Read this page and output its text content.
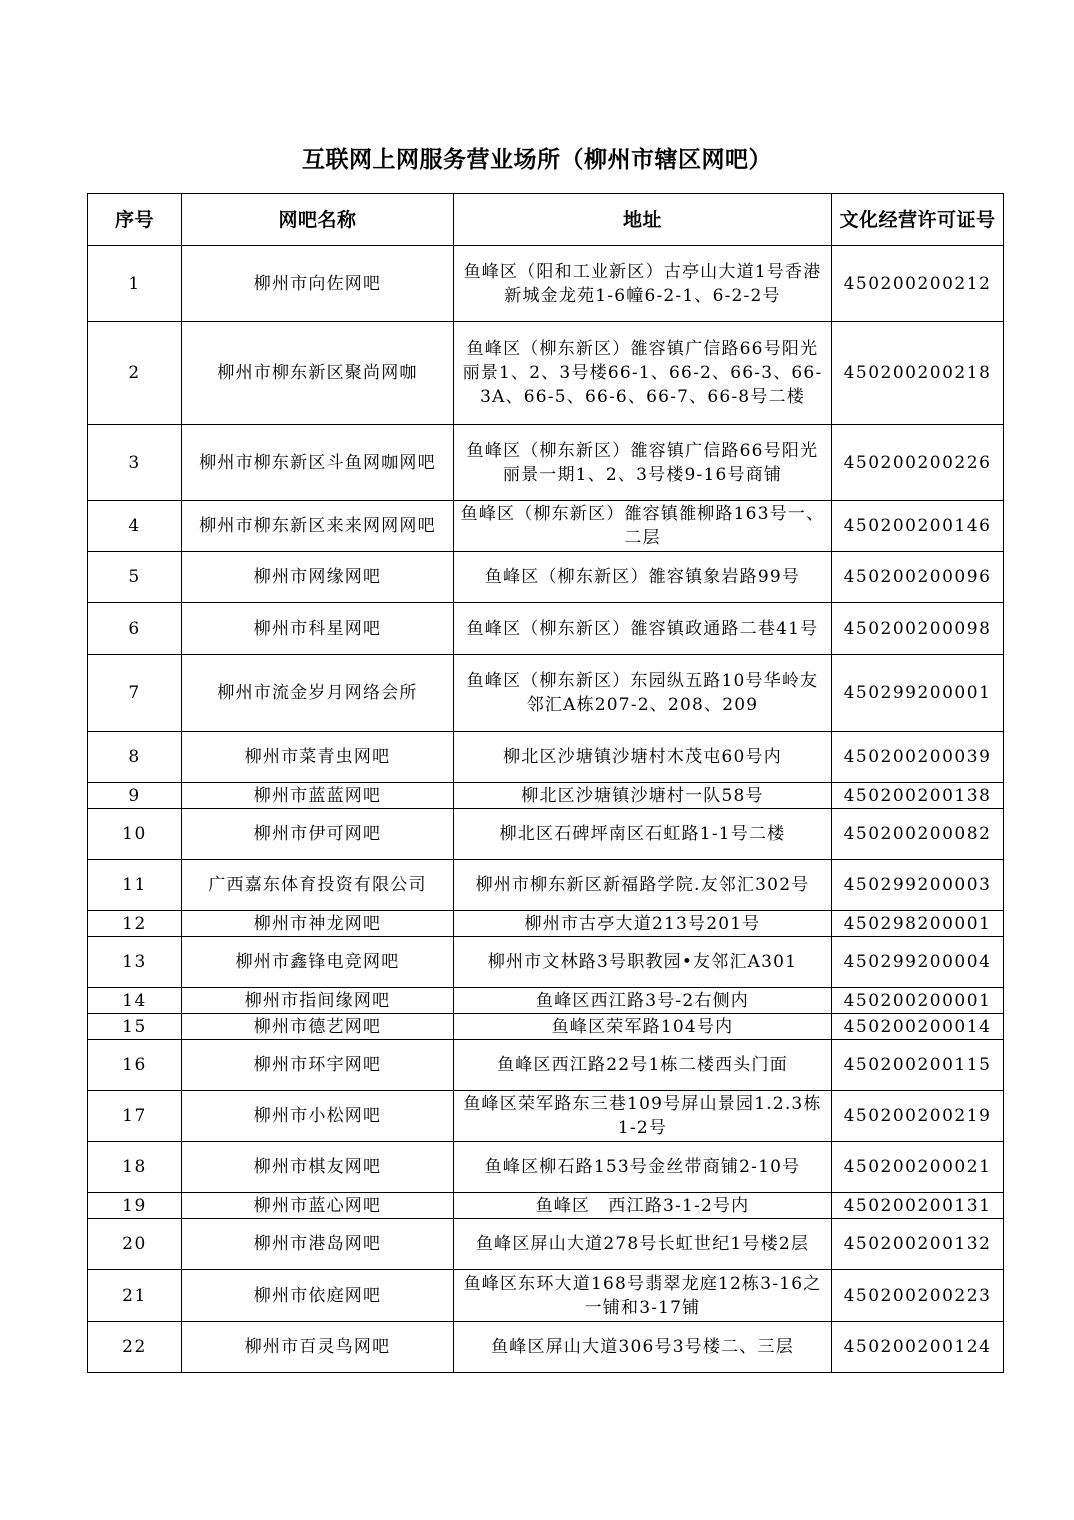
互联网上网服务营业场所（柳州市辖区网吧）
序号	网吧名称	地址	文化经营许可证号
1	柳州市向佐网吧	鱼峰区（阳和工业新区）古亭山大道1号香港新城金龙苑1-6幢6-2-1、6-2-2号	450200200212
2	柳州市柳东新区聚尚网咖	鱼峰区（柳东新区）雒容镇广信路66号阳光丽景1、2、3号楼66-1、66-2、66-3、66-3A、66-5、66-6、66-7、66-8号二楼	450200200218
3	柳州市柳东新区斗鱼网咖网吧	鱼峰区（柳东新区）雒容镇广信路66号阳光丽景一期1、2、3号楼9-16号商铺	450200200226
4	柳州市柳东新区来来网网网吧	鱼峰区（柳东新区）雒容镇雒柳路163号一、二层	450200200146
5	柳州市网缘网吧	鱼峰区（柳东新区）雒容镇象岩路99号	450200200096
6	柳州市科星网吧	鱼峰区（柳东新区）雒容镇政通路二巷41号	450200200098
7	柳州市流金岁月网络会所	鱼峰区（柳东新区）东园纵五路10号华岭友邻汇A栋207-2、208、209	450299200001
8	柳州市菜青虫网吧	柳北区沙塘镇沙塘村木茂屯60号内	450200200039
9	柳州市蓝蓝网吧	柳北区沙塘镇沙塘村一队58号	450200200138
10	柳州市伊可网吧	柳北区石碑坪南区石虹路1-1号二楼	450200200082
11	广西嘉东体育投资有限公司	柳州市柳东新区新福路学院.友邻汇302号	450299200003
12	柳州市神龙网吧	柳州市古亭大道213号201号	450298200001
13	柳州市鑫锋电竞网吧	柳州市文林路3号职教园•友邻汇A301	450299200004
14	柳州市指间缘网吧	鱼峰区西江路3号-2右侧内	450200200001
15	柳州市德艺网吧	鱼峰区荣军路104号内	450200200014
16	柳州市环宇网吧	鱼峰区西江路22号1栋二楼西头门面	450200200115
17	柳州市小松网吧	鱼峰区荣军路东三巷109号屏山景园1.2.3栋1-2号	450200200219
18	柳州市棋友网吧	鱼峰区柳石路153号金丝带商铺2-10号	450200200021
19	柳州市蓝心网吧	鱼峰区　西江路3-1-2号内	450200200131
20	柳州市港岛网吧	鱼峰区屏山大道278号长虹世纪1号楼2层	450200200132
21	柳州市依庭网吧	鱼峰区东环大道168号翡翠龙庭12栋3-16之一铺和3-17铺	450200200223
22	柳州市百灵鸟网吧	鱼峰区屏山大道306号3号楼二、三层	450200200124
